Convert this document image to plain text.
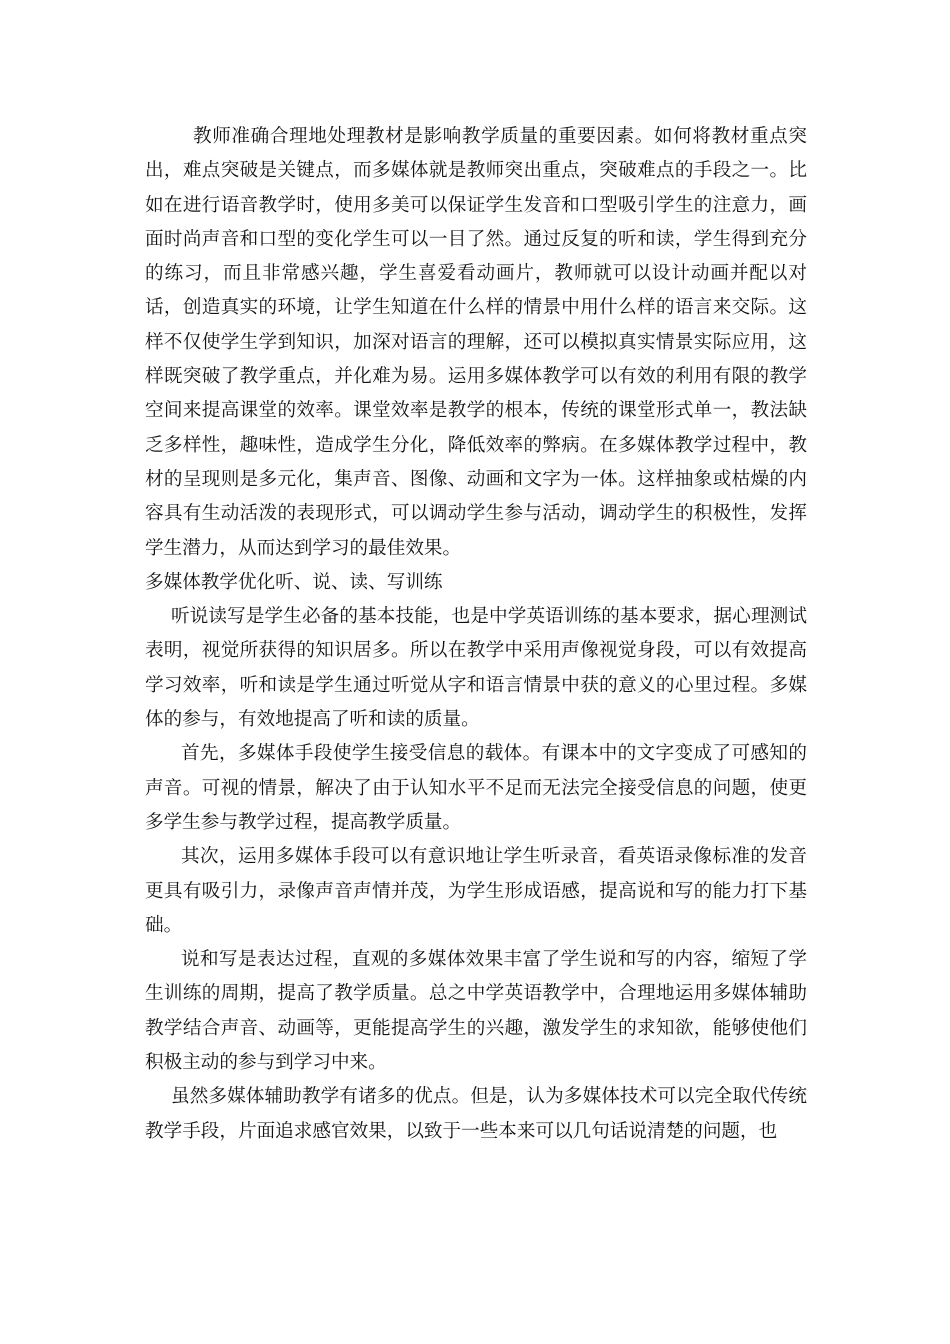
教师准确合理地处理教材是影响教学质量的重要因素。如何将教材重点突出，难点突破是关键点，而多媒体就是教师突出重点，突破难点的手段之一。比如在进行语音教学时，使用多美可以保证学生发音和口型吸引学生的注意力，画面时尚声音和口型的变化学生可以一目了然。通过反复的听和读，学生得到充分的练习，而且非常感兴趣，学生喜爱看动画片，教师就可以设计动画并配以对话，创造真实的环境，让学生知道在什么样的情景中用什么样的语言来交际。这样不仅使学生学到知识，加深对语言的理解，还可以模拟真实情景实际应用，这样既突破了教学重点，并化难为易。运用多媒体教学可以有效的利用有限的教学空间来提高课堂的效率。课堂效率是教学的根本，传统的课堂形式单一，教法缺乏多样性，趣味性，造成学生分化，降低效率的弊病。在多媒体教学过程中，教材的呈现则是多元化，集声音、图像、动画和文字为一体。这样抽象或枯燥的内容具有生动活泼的表现形式，可以调动学生参与活动，调动学生的积极性，发挥学生潜力，从而达到学习的最佳效果。

多媒体教学优化听、说、读、写训练

听说读写是学生必备的基本技能，也是中学英语训练的基本要求，据心理测试表明，视觉所获得的知识居多。所以在教学中采用声像视觉身段，可以有效提高学习效率，听和读是学生通过听觉从字和语言情景中获的意义的心里过程。多媒体的参与，有效地提高了听和读的质量。

首先，多媒体手段使学生接受信息的载体。有课本中的文字变成了可感知的声音。可视的情景，解决了由于认知水平不足而无法完全接受信息的问题，使更多学生参与教学过程，提高教学质量。

其次，运用多媒体手段可以有意识地让学生听录音，看英语录像标准的发音更具有吸引力，录像声音声情并茂，为学生形成语感，提高说和写的能力打下基础。

说和写是表达过程，直观的多媒体效果丰富了学生说和写的内容，缩短了学生训练的周期，提高了教学质量。总之中学英语教学中，合理地运用多媒体辅助教学结合声音、动画等，更能提高学生的兴趣，激发学生的求知欲，能够使他们积极主动的参与到学习中来。

虽然多媒体辅助教学有诸多的优点。但是，认为多媒体技术可以完全取代传统教学手段，片面追求感官效果，以致于一些本来可以几句话说清楚的问题，也
